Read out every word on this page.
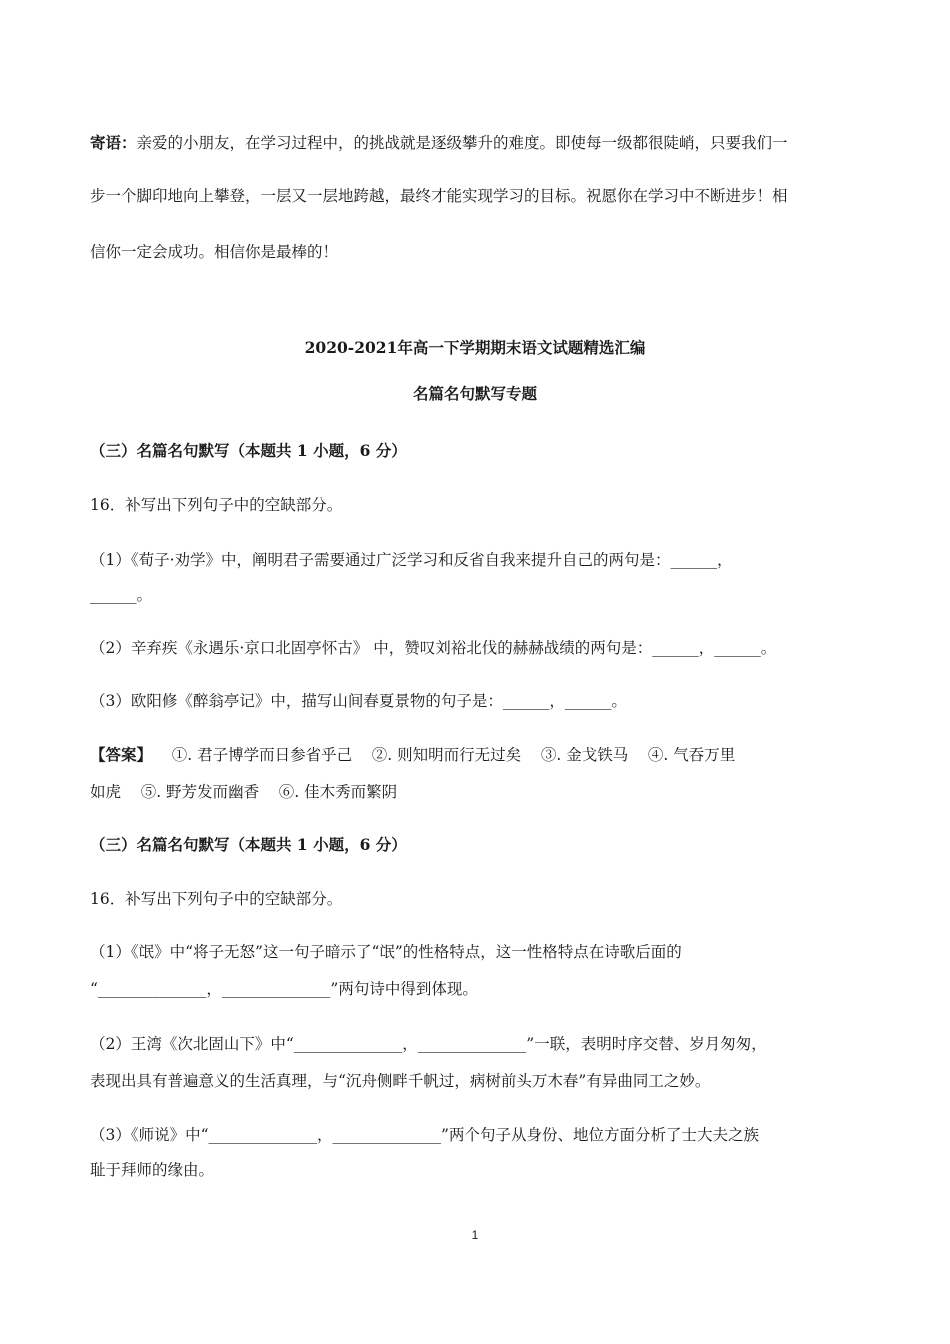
寄语：亲爱的小朋友，在学习过程中，的挑战就是逐级攀升的难度。即使每一级都很陡峭，只要我们一
步一个脚印地向上攀登，一层又一层地跨越，最终才能实现学习的目标。祝愿你在学习中不断进步！相
信你一定会成功。相信你是最棒的！
2020-2021年高一下学期期末语文试题精选汇编
名篇名句默写专题
（三）名篇名句默写（本题共 1 小题，6 分）
16．补写出下列句子中的空缺部分。
（1）《荀子·劝学》中，阐明君子需要通过广泛学习和反省自我来提升自己的两句是：______，
______。
（2）辛弃疾《永遇乐·京口北固亭怀古》 中，赞叹刘裕北伐的赫赫战绩的两句是：______，______。
（3）欧阳修《醉翁亭记》中，描写山间春夏景物的句子是：______，______。
【答案】    ①. 君子博学而日参省乎己    ②. 则知明而行无过矣    ③. 金戈铁马    ④. 气吞万里
如虎    ⑤. 野芳发而幽香    ⑥. 佳木秀而繁阴
（三）名篇名句默写（本题共 1 小题，6 分）
16．补写出下列句子中的空缺部分。
（1）《氓》中“将子无怒”这一句子暗示了“氓”的性格特点，这一性格特点在诗歌后面的
“______________，______________”两句诗中得到体现。
（2）王湾《次北固山下》中“______________，______________”一联，表明时序交替、岁月匆匆，
表现出具有普遍意义的生活真理，与“沉舟侧畔千帆过，病树前头万木春”有异曲同工之妙。
（3）《师说》中“______________，______________”两个句子从身份、地位方面分析了士大夫之族
耻于拜师的缘由。
1
